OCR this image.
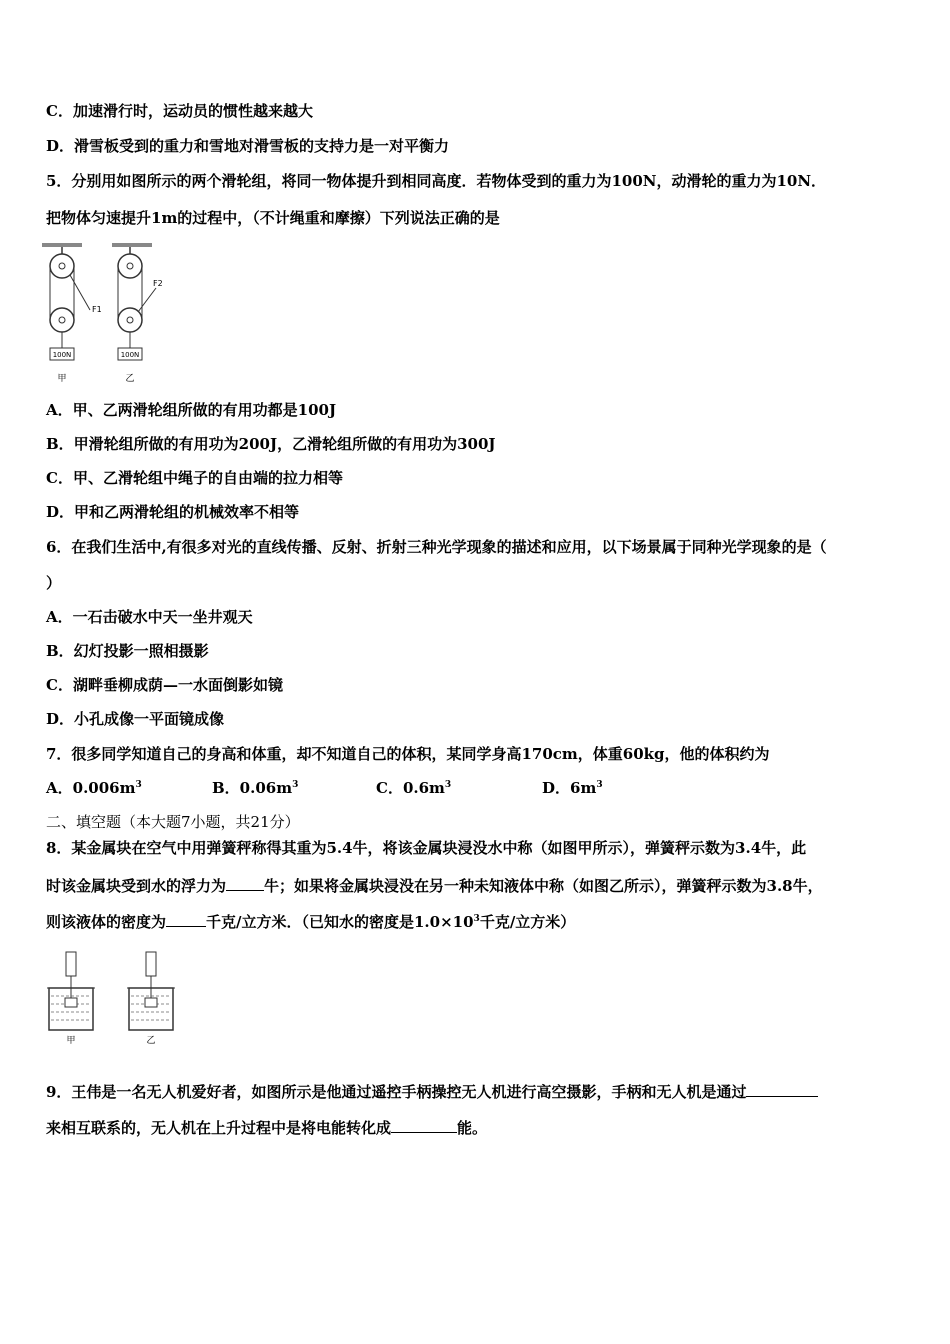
C．加速滑行时，运动员的惯性越来越大
D．滑雪板受到的重力和雪地对滑雪板的支持力是一对平衡力
5．分别用如图所示的两个滑轮组，将同一物体提升到相同高度．若物体受到的重力为100N，动滑轮的重力为10N．
把物体匀速提升1m的过程中，（不计绳重和摩擦）下列说法正确的是
100N
F1
甲
100N
F2
乙
A．甲、乙两滑轮组所做的有用功都是100J
B．甲滑轮组所做的有用功为200J，乙滑轮组所做的有用功为300J
C．甲、乙滑轮组中绳子的自由端的拉力相等
D．甲和乙两滑轮组的机械效率不相等
6．在我们生活中,有很多对光的直线传播、反射、折射三种光学现象的描述和应用，以下场景属于同种光学现象的是（
）
A．一石击破水中天一坐井观天
B．幻灯投影一照相摄影
C．湖畔垂柳成荫—一水面倒影如镜
D．小孔成像一平面镜成像
7．很多同学知道自己的身高和体重，却不知道自己的体积，某同学身高170cm，体重60kg，他的体积约为
A．$0.006m^3$	B．$0.06m^3$	C．$0.6m^3$	D．$6m^3$
二、填空题（本大题7小题，共21分）
8．某金属块在空气中用弹簧秤称得其重为5.4牛，将该金属块浸没水中称（如图甲所示），弹簧秤示数为3.4牛，此
时该金属块受到水的浮力为	牛；如果将金属块浸没在另一种未知液体中称（如图乙所示），弹簧秤示数为3.8牛，
则该液体的密度为	千克/立方米．（已知水的密度是$1.0\times 10^3$千克/立方米）
甲	乙
9．王伟是一名无人机爱好者，如图所示是他通过遥控手柄操控无人机进行高空摄影，手柄和无人机是通过
来相互联系的，无人机在上升过程中是将电能转化成	能。
